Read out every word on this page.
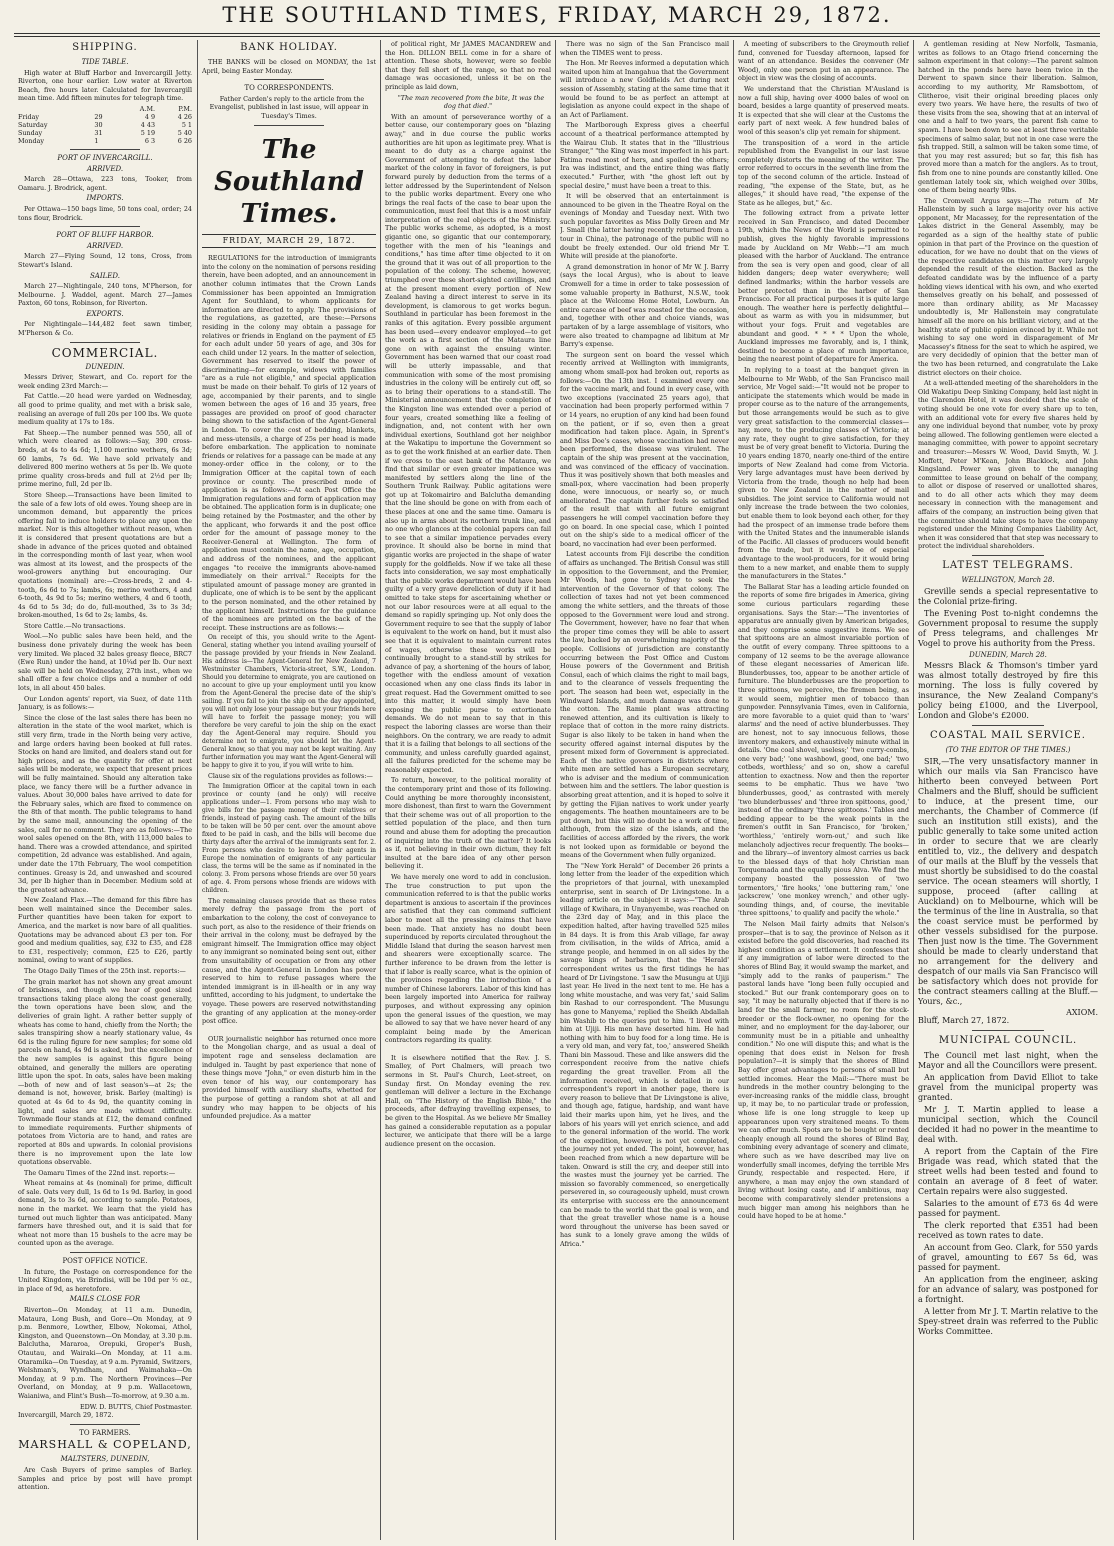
THE SOUTHLAND TIMES, FRIDAY, MARCH 29, 1872.
SHIPPING.
TIDE TABLE.

High water at Bluff Harbor and Invercargill Jetty. Riverton, one hour earlier. Low water at Riverton Beach, five hours later. Calculated for Invercargill mean time. Add fifteen minutes for telegraph time.

		A.M.	P.M.
Friday	29	4 9	4 26
Saturday	30	4 43	5 1
Sunday	31	5 19	5 40
Monday	1	6 3	6 26
PORT OF INVERCARGILL.
ARRIVED.

March 28—Ottawa, 223 tons, Tooker, from Oamaru. J. Brodrick, agent.

IMPORTS.

Per Ottawa—150 bags lime, 50 tons coal, order; 24 tons flour, Brodrick.

PORT OF BLUFF HARBOR.
ARRIVED.

March 27—Flying Sound, 12 tons, Cross, from Stewart's Island.

SAILED.

March 27—Nightingale, 240 tons, M'Pherson, for Melbourne. J. Waddel, agent. March 27—James Paxton, 60 tons, Robinson, for Riverton.

EXPORTS.

Per Nightingale—144,482 feet sawn timber, M'Pherson & Co.

COMMERCIAL.
DUNEDIN.

Messrs Driver, Stewart, and Co. report for the week ending 23rd March:—

Fat Cattle.—20 head were yarded on Wednesday, all good to prime quality, and met with a brisk sale, realising an average of full 20s per 100 lbs. We quote medium quality at 17s to 18s.

Fat Sheep.—The number penned was 550, all of which were cleared as follows:—Say, 390 cross-breds, at 4s to 4s 6d; 1,100 merino wethers, 6s 3d; 60 lambs, 7s 6d. We have sold privately and delivered 800 merino wethers at 5s per lb. We quote prime quality cross-breds and full at 2½d per lb; prime merino, full, 2d per lb.

Store Sheep.—Transactions have been limited to the sale of a few lots of old ewes. Young sheep are in uncommon demand, but apparently the prices offering fail to induce holders to place any upon the market. Nor is this altogether without reason, when it is considered that present quotations are but a shade in advance of the prices quoted and obtained in the corresponding month of last year, when wool was almost at its lowest, and the prospects of the wool-growers anything but encouraging. Our quotations (nominal) are:—Cross-breds, 2 and 4-tooth, 6s 6d to 7s; lambs, 6s; merino wethers, 4 and 6-tooth, 4s 9d to 5s; merino wethers, 4 and 6 tooth, 4s 6d to 5s 3d; do do, full-mouthed, 3s to 3s 3d; broken-mouthed, 1s 6d to 2s; lambs, 4s.

Store Cattle.—No transactions.

Wool.—No public sales have been held, and the business done privately during the week has been very limited. We placed 32 bales greasy fleece, BRC7 (Ewe Run) under the hand, at 10¼d per lb. Our next sale will be held on Wednesday, 27th inst., when we shall offer a few choice clips and a number of odd lots, in all about 450 bales.

Our London agents' report, via Suez, of date 11th January, is as follows:—

Since the close of the last sales there has been no alteration in the state of the wool market, which is still very firm, trade in the North being very active, and large orders having been booked at full rates. Stocks on hand are limited, and dealers stand out for high prices, and as the quantity for offer at next sales will be moderate, we expect that present prices will be fully maintained. Should any alteration take place, we fancy there will be a further advance in values. About 30,000 bales have arrived to date for the February sales, which are fixed to commence on the 8th of that month. The public telegrams to hand by the same mail, announcing the opening of the sales, call for no comment. They are as follows:—The wool sales opened on the 8th, with 113,000 bales to hand. There was a crowded attendance, and spirited competition, 2d advance was established. And again, under date the 17th February, The wool competition continues. Greasy is 2d, and unwashed and scoured 3d, per lb higher than in December. Medium sold at the greatest advance.

New Zealand Flax.—The demand for this fibre has been well maintained since the December sales. Further quantities have been taken for export to America, and the market is now bare of all qualities. Quotations may be advanced about £3 per ton. For good and medium qualities, say, £32 to £35, and £28 to £31, respectively; common, £25 to £26, partly nominal, owing to want of supplies.

The Otago Daily Times of the 25th inst. reports:—

The grain market has not shown any great amount of briskness, and though we hear of good sized transactions taking place along the coast generally, the town operations have been slow, and the deliveries of grain light. A rather better supply of wheats has come to hand, chiefly from the North; the sales transpiring show a nearly stationary value, 4s 6d is the ruling figure for new samples; for some old parcels on hand, 4s 9d is asked, but the excellence of the new samples is against this figure being obtained, and generally the millers are operating little upon the spot. In oats, sales have been making—both of new and of last season's—at 2s; the demand is not, however, brisk. Barley (malting) is quoted at 4s 6d to 4s 9d, the quantity coming in light, and sales are made without difficulty. Townmade flour stands at £12, the demand confined to immediate requirements. Further shipments of potatoes from Victoria are to hand, and rates are reported at 80s and upwards. In colonial provisions there is no improvement upon the late low quotations observable.

The Oamaru Times of the 22nd inst. reports:—

Wheat remains at 4s (nominal) for prime, difficult of sale. Oats very dull, 1s 6d to 1s 9d. Barley, in good demand, 3s to 3s 6d, according to sample. Potatoes, none in the market. We learn that the yield has turned out much lighter than was anticipated. Many farmers have threshed out, and it is said that for wheat not more than 15 bushels to the acre may be counted upon as the average.

POST OFFICE NOTICE.

In future, the Postage on correspondence for the United Kingdom, via Brindisi, will be 10d per ½ oz., in place of 9d, as heretofore.

MAILS CLOSE FOR

Riverton—On Monday, at 11 a.m. Dunedin, Mataura, Long Bush, and Gore—On Monday, at 9 p.m. Benmore, Lowther, Elbow, Nokomai, Athol, Kingston, and Queenstown—On Monday, at 3.30 p.m. Balclutha, Mararoa, Orepuki, Groper's Bush, Otautau, and Wairaki—On Monday, at 11 a.m. Otaramika—On Tuesday, at 9 a.m. Pyramid, Switzers, Welshman's, Wyndham, and Waimahaka—On Monday, at 9 p.m. The Northern Provinces—Per Overland, on Monday, at 9 p.m. Wallacetown, Waianiwa, and Flint's Bush—To-morrow, at 9.30 a.m.

EDW. D. BUTTS, Chief Postmaster.
Invercargill, March 29, 1872.
TO FARMERS.
MARSHALL & COPELAND,
MALTSTERS, DUNEDIN,

Are Cash Buyers of prime samples of Barley. Samples and price by post will have prompt attention.

BANK HOLIDAY.

THE BANKS will be closed on MONDAY, the 1st April, being Easter Monday.

TO CORRESPONDENTS.

Father Carden's reply to the article from the Evangelist, published in last issue, will appear in Tuesday's Times.

The Southland Times.
FRIDAY, MARCH 29, 1872.

REGULATIONS for the introduction of immigrants into the colony on the nomination of persons residing therein, have been adopted, and an announcement in another column intimates that the Crown Lands Commissioner has been appointed an Immigration Agent for Southland, to whom applicants for information are directed to apply. The provisions of the regulations, as gazetted, are these:—Persons residing in the colony may obtain a passage for relatives or friends in England on the payment of £5 for each adult under 50 years of age, and 30s for each child under 12 years. In the matter of selection, Government has reserved to itself the power of discriminating—for example, widows with families "are as a rule not eligible," and special application must be made on their behalf. To girls of 12 years of age, accompanied by their parents, and to single women between the ages of 16 and 35 years, free passages are provided on proof of good character being shown to the satisfaction of the Agent-General in London. To cover the cost of bedding, blankets, and mess-utensils, a charge of 25s per head is made before embarkation. The application to nominate friends or relatives for a passage can be made at any money-order office in the colony, or to the Immigration Officer at the capital town of each province or county. The prescribed mode of application is as follows:—At each Post Office the Immigration regulations and form of application may be obtained. The application form is in duplicate; one being retained by the Postmaster, and the other by the applicant, who forwards it and the post office order for the amount of passage money to the Receiver-General at Wellington. The form of application must contain the name, age, occupation, and address of the nominees, and the applicant engages "to receive the immigrants above-named immediately on their arrival." Receipts for the stipulated amount of passage money are granted in duplicate, one of which is to be sent by the applicant to the person nominated, and the other retained by the applicant himself. Instructions for the guidance of the nominees are printed on the back of the receipt. These instructions are as follows:—

On receipt of this, you should write to the Agent-General, stating whether you intend availing yourself of the passage provided by your friends in New Zealand. His address is—The Agent-General for New Zealand, 7 Westminster Chambers, Victoria-street, S.W., London. Should you determine to emigrate, you are cautioned on no account to give up your employment until you know from the Agent-General the precise date of the ship's sailing. If you fail to join the ship on the day appointed, you will not only lose your passage but your friends here will have to forfeit the passage money; you will therefore be very careful to join the ship on the exact day the Agent-General may require. Should you determine not to emigrate, you should let the Agent-General know, so that you may not be kept waiting. Any further information you may want the Agent-General will be happy to give it to you, if you will write to him.

Clause six of the regulations provides as follows:—

The Immigration Officer at the capital town in each province or county (and he only) will receive applications under—1. From persons who may wish to give bills for the passage money of their relatives or friends, instead of paying cash. The amount of the bills to be taken will be 50 per cent. over the amount above fixed to be paid in cash, and the bills will become due thirty days after the arrival of the immigrants sent for. 2. From persons who desire to leave to their agents in Europe the nomination of emigrants of any particular class, the terms will be the same as if nominated in the colony. 3. From persons whose friends are over 50 years of age. 4. From persons whose friends are widows with children.

The remaining clauses provide that as these rates merely defray the passage from the port of embarkation to the colony, the cost of conveyance to such port, as also to the residence of their friends on their arrival in the colony, must be defrayed by the emigrant himself. The Immigration office may object to any immigrant so nominated being sent out, either from unsuitability of occupation or from any other cause, and the Agent-General in London has power reserved to him to refuse passages where the intended immigrant is in ill-health or in any way unfitted, according to his judgment, to undertake the voyage. These powers are reserved notwithstanding the granting of any application at the money-order post office.

OUR journalistic neighbor has returned once more to the Mongolian charge, and as usual a deal of impotent rage and senseless declamation are indulged in. Taught by past experience that none of these things move "John," or even disturb him in the even tenor of his way, our contemporary has provided himself with auxiliary shafts, whetted for the purpose of getting a random shot at all and sundry who may happen to be objects of his unfounded prejudice. As a matter

of political right, Mr JAMES MACANDREW and the Hon. DILLON BELL come in for a share of attention. These shots, however, were so feeble that they fell short of the range, so that no real damage was occasioned, unless it be on the principle as laid down,

"The man recovered from the bite, It was the dog that died."

With an amount of perseverance worthy of a better cause, our contemporary goes on "blazing away," and in due course the public works authorities are hit upon as legitimate prey. What is meant to do duty as a charge against the Government of attempting to defeat the labor market of the colony in favor of foreigners, is put forward purely by deduction from the terms of a letter addressed by the Superintendent of Nelson to the public works department. Every one who brings the real facts of the case to bear upon the communication, must feel that this is a most unfair interpretation of the real objects of the Ministry. The public works scheme, as adopted, is a most gigantic one, so gigantic that our contemporary, together with the men of his "leanings and conditions," has time after time objected to it on the ground that it was out of all proportion to the population of the colony. The scheme, however, triumphed over these short-sighted cavillings, and at the present moment every portion of New Zealand having a direct interest to serve in its development, is clamorous to get works begun. Southland in particular has been foremost in the ranks of this agitation. Every possible argument has been used—every endeavor employed—to get the work as a first section of the Mataura line gone on with against the ensuing winter. Government has been warned that our coast road will be utterly impassable, and that communication with some of the most promising industries in the colony will be entirely cut off, so as to bring their operations to a stand-still. The Ministerial announcement that the completion of the Kingston line was extended over a period of four years, created something like a feeling of indignation, and, not content with her own individual exertions, Southland got her neighbor at the Wakatipu to importune the Government so as to get the work finished at an earlier date. Then if we cross to the east bank of the Mataura, we find that similar or even greater impatience was manifested by settlers along the line of the Southern Trunk Railway. Public agitations were got up at Tokomairiro and Balclutha demanding that the line should be gone on with from each of these places at one and the same time. Oamaru is also up in arms about its northern trunk line, and no one who glances at the colonial papers can fail to see that a similar impatience pervades every province. It should also be borne in mind that gigantic works are projected in the shape of water supply for the goldfields. Now if we take all these facts into consideration, we say most emphatically that the public works department would have been guilty of a very grave dereliction of duty if it had omitted to take steps for ascertaining whether or not our labor resources were at all equal to the demand so rapidly springing up. Not only does the Government require to see that the supply of labor is equivalent to the work on hand, but it must also see that it is equivalent to maintain current rates of wages, otherwise these works will be continually brought to a stand-still by strikes for advance of pay, a shortening of the hours of labor, together with the endless amount of vexation occasioned when any one class finds its labor in great request. Had the Government omitted to see into this matter, it would simply have been exposing the public purse to extortionate demands. We do not mean to say that in this respect the laboring classes are worse than their neighbors. On the contrary, we are ready to admit that it is a failing that belongs to all sections of the community, and unless carefully guarded against, all the failures predicted for the scheme may be reasonably expected.

To return, however, to the political morality of the contemporary print and those of its following. Could anything be more thoroughly inconsistent, more dishonest, than first to warn the Government that their scheme was out of all proportion to the settled population of the place, and then turn round and abuse them for adopting the precaution of inquiring into the truth of the matter? It looks as if, not believing in their own dictum, they felt insulted at the bare idea of any other person believing it.

We have merely one word to add in conclusion. The true construction to put upon the communication referred to is that the public works department is anxious to ascertain if the provinces are satisfied that they can command sufficient labor to meet all the pressing claims that have been made. That anxiety has no doubt been superinduced by reports circulated throughout the Middle Island that during the season harvest men and shearers were exceptionally scarce. The further inference to be drawn from the letter is that if labor is really scarce, what is the opinion of the provinces regarding the introduction of a number of Chinese laborers. Labor of this kind has been largely imported into America for railway purposes, and without expressing any opinion upon the general issues of the question, we may be allowed to say that we have never heard of any complaint being made by the American contractors regarding its quality.

It is elsewhere notified that the Rev. J. S. Smalley, of Port Chalmers, will preach two sermons in St. Paul's Church, Leet-street, on Sunday first. On Monday evening the rev. gentleman will deliver a lecture in the Exchange Hall, on "The History of the English Bible," the proceeds, after defraying travelling expenses, to be given to the Hospital. As we believe Mr Smalley has gained a considerable reputation as a popular lecturer, we anticipate that there will be a large audience present on the occasion.

There was no sign of the San Francisco mail when the TIMES went to press.

The Hon. Mr Reeves informed a deputation which waited upon him at Inangahua that the Government will introduce a new Goldfields Act during next session of Assembly, stating at the same time that it would be found to be as perfect an attempt at legislation as anyone could expect in the shape of an Act of Parliament.

The Marlborough Express gives a cheerful account of a theatrical performance attempted by the Wairau Club. It states that in the "Illustrious Stranger," "the King was most imperfect in his part. Fatima read most of hers, and spoiled the others; Ira was indistinct, and the entire thing was flatly executed." Further, with "the ghost left out by special desire," must have been a treat to this.

It will be observed that an entertainment is announced to be given in the Theatre Royal on the evenings of Monday and Tuesday next. With two such popular favorites as Miss Dolly Green and Mr J. Small (the latter having recently returned from a tour in China), the patronage of the public will no doubt be freely extended. Our old friend Mr T. White will preside at the pianoforte.

A grand demonstration in honor of Mr W. J. Barry (says the local Argus), who is about to leave Cromwell for a time in order to take possession of some valuable property in Bathurst, N.S.W., took place at the Welcome Home Hotel, Lowburn. An entire carcase of beef was roasted for the occasion, and, together with other and choice viands, was partaken of by a large assemblage of visitors, who were also treated to champagne ad libitum at Mr Barry's expense.

The surgeon sent on board the vessel which recently arrived at Wellington with immigrants, among whom small-pox had broken out, reports as follows:—On the 13th inst. I examined every one for the vaccine mark, and found in every case, with two exceptions (vaccinated 25 years ago), that vaccination had been properly performed within 7 or 14 years, no eruption of any kind had been found on the patient, or if so, even then a great modification had taken place. Again, in Sprent's and Miss Doe's cases, whose vaccination had never been performed, the disease was virulent. The captain of the ship was present at the vaccination, and was convinced of the efficacy of vaccination. Thus it was positively shown that both measles and small-pox, where vaccination had been properly done, were innocuous, or nearly so, or much ameliorated. The captain further feels so satisfied of the result that with all future emigrant passengers he will compel vaccination before they go on board. In one special case, which I pointed out on the ship's side to a medical officer of the board, no vaccination had ever been performed.

Latest accounts from Fiji describe the condition of affairs as unchanged. The British Consul was still in opposition to the Government, and the Premier, Mr Woods, had gone to Sydney to seek the intervention of the Governor of that colony. The collection of taxes had not yet been commenced among the white settlers, and the threats of those opposed to the Government were loud and strong. The Government, however, have no fear that when the proper time comes they will be able to assert the law, backed by an overwhelming majority of the people. Collisions of jurisdiction are constantly occurring between the Post Office and Custom House powers of the Government and British Consul, each of which claims the right to mail bags, and to the clearance of vessels frequenting the port. The season had been wet, especially in the Windward Islands, and much damage was done to the cotton. The Ramie plant was attracting renewed attention, and its cultivation is likely to replace that of cotton in the more rainy districts. Sugar is also likely to be taken in hand when the security offered against internal disputes by the present mixed form of Government is appreciated. Each of the native governors in districts where white men are settled has a European secretary, who is adviser and the medium of communication between him and the settlers. The labor question is absorbing great attention, and it is hoped to solve it by getting the Fijian natives to work under yearly engagements. The heathen mountaineers are to be put down, but this will no doubt be a work of time, although, from the size of the islands, and the facilities of access afforded by the rivers, the work is not looked upon as formidable or beyond the means of the Government when fully organized.

The "New York Herald" of December 26 prints a long letter from the leader of the expedition which the proprietors of that journal, with unexampled enterprise, sent in search of Dr Livingstone. In a leading article on the subject it says:—"The Arab village of Kwihara, in Unyanyembe, was reached on the 23rd day of May, and in this place the expedition halted, after having travelled 525 miles in 84 days. It is from this Arab village, far away from civilisation, in the wilds of Africa, amid a strange people, and hemmed in on all sides by the savage kings of barbarism, that the 'Herald' correspondent writes us the first tidings he has heard of Dr Livingstone. 'I saw the Musungu at Ujiji last year. He lived in the next tent to me. He has a long white moustache, and was very fat,' said Salim bin Rashad to our correspondent. 'The Musungu has gone to Manyema,' replied the Sheikh Abdallah bin Washib to the queries put to him. 'I lived with him at Ujiji. His men have deserted him. He had nothing with him to buy food for a long time. He is a very old man, and very fat, too,' answered Sheikh Thani bin Massoud. These and like answers did the correspondent receive from the native chiefs regarding the great traveller. From all the information received, which is detailed in our correspondent's report in another page, there is every reason to believe that Dr Livingstone is alive, and though age, fatigue, hardship, and want have laid their marks upon him, yet he lives, and the labors of his years will yet enrich science, and add to the general information of the world. The work of the expedition, however, is not yet completed, the journey not yet ended. The point, however, has been reached from which a new departure will be taken. Onward is still the cry, and deeper still into the wastes must the journey yet be carried. The mission so favorably commenced, so energetically persevered in, so courageously upheld, must crown its enterprise with success ere the announcement can be made to the world that the goal is won, and that the great traveller whose name is a house word throughout the universe has been saved or has sunk to a lonely grave among the wilds of Africa."

A meeting of subscribers to the Greymouth relief fund, convened for Tuesday afternoon, lapsed for want of an attendance. Besides the convener (Mr Wood), only one person put in an appearance. The object in view was the closing of accounts.

We understand that the Christian M'Ausland is now a full ship, having over 4000 bales of wool on board, besides a large quantity of preserved meats. It is expected that she will clear at the Customs the early part of next week. A few hundred bales of wool of this season's clip yet remain for shipment.

The transposition of a word in the article republished from the Evangelist in our last issue completely distorts the meaning of the writer. The error referred to occurs in the seventh line from the top of the second column of the article. Instead of reading, "the expense of the State, but, as he alleges," it should have read, "the expense of the State as he alleges, but," &c.

The following extract from a private letter received in San Francisco, and dated December 19th, which the News of the World is permitted to publish, gives the highly favorable impressions made by Auckland on Mr Webb:—"I am much pleased with the harbor of Auckland. The entrance from the sea is very open and good, clear of all hidden dangers; deep water everywhere; well defined landmarks; within the harbor vessels are better protected than in the harbor of San Francisco. For all practical purposes it is quite large enough. The weather here is perfectly delightful—about as warm as with you in midsummer, but without your fogs. Fruit and vegetables are abundant and good. * * * * Upon the whole, Auckland impresses me favorably, and is, I think, destined to become a place of much importance, being the nearest point of departure for America.

In replying to a toast at the banquet given in Melbourne to Mr Webb, of the San Francisco mail service, Mr Vogel said:—"It would not be proper to anticipate the statements which would be made in proper course as to the nature of the arrangements, but those arrangements would be such as to give very great satisfaction to the commercial classes—nay, more, to the producing classes of Victoria; at any rate, they ought to give satisfaction, for they must be of very great benefit to Victoria. During the 10 years ending 1870, nearly one-third of the entire imports of New Zealand had come from Victoria. Very large advantages must have been derived by Victoria from the trade, though no help had been given to New Zealand in the matter of mail subsidies. The joint service to California would not only increase the trade between the two colonies, but enable them to look beyond each other, for they had the prospect of an immense trade before them with the United States and the innumerable islands of the Pacific. All classes of producers would benefit from the trade, but it would be of especial advantage to the wool-producers, for it would bring them to a new market, and enable them to supply the manufacturers in the States."

The Ballarat Star has a leading article founded on the reports of some fire brigades in America, giving some curious particulars regarding these organisations. Says the Star:—"The inventories of apparatus are annually given by American brigades, and they comprise some suggestive items. We see that spittoons are an almost invariable portion of the outfit of every company. Three spittoons to a company of 12 seems to be the average allowance of these elegant necessaries of American life. Blunderbusses, too, appear to be another article of furniture. The blunderbusses are the proportion to three spittoons, we perceive, the firemen being, as it would seem, mightier men of tobacco than gunpowder. Pennsylvania Times, even in California, are more favorable to a quiet quid than to 'wars' alarms' and the need of active blunderbusses. They are honest, not to say innocuous fellows, those inventory makers, and exhaustively minute withal in details. 'One coal shovel, useless;' 'two curry-combs, one very bad;' 'one washbowl, good, one bad;' 'two cotbeds, worthless;' and so on, show a careful attention to exactness. Now and then the reporter seems to be emphatic. Thus we have 'two blunderbusses, good,' as contrasted with merely 'two blunderbusses' and 'three iron spittoons, good,' instead of the ordinary 'three spittoons.' Tables and bedding appear to be the weak points in the firemen's outfit in San Francisco, for 'broken,' 'worthless,' 'entirely worn-out,' and such like melancholy adjectives recur frequently. The books—and the library—of inventory almost carries us back to the blessed days of that holy Christian man Torquemada and the equally pious Alva. We find the company boasted the possession of 'two tormentors,' 'fire hooks,' 'one buttering ram,' 'one jackscrew,' 'one monkey wrench,' and other ugly-sounding things, and, of course, the inevitable 'three spittoons,' to qualify and pacify the whole."

The Nelson Mail fairly admits that Nelson's prosper—that is to say, the province of Nelson as it existed before the gold discoveries, had reached its highest condition as a settlement. It confesses that if any immigration of labor were directed to the shores of Blind Bay, it would swamp the market, and "simply add to the ranks of pauperism." The pastoral lands have "long been fully occupied and stocked." But our frank contemporary goes on to say, "it may be naturally objected that if there is no land for the small farmer, no room for the stock-breeder or the flock-owner, no opening for the miner, and no employment for the day-laborer, our community must be in a pitiable and unhealthy condition." No one will dispute this; and what is the opening that does exist in Nelson for fresh population?—it is simply that the shores of Blind Bay offer great advantages to persons of small but settled incomes. Hear the Mail:—"There must be hundreds in the mother country belonging to the ever-increasing ranks of the middle class, brought up, it may be, to no particular trade or profession, whose life is one long struggle to keep up appearances upon very straitened means. To them we can offer much. Spots are to be bought or rented cheaply enough all round the shores of Blind Bay, combining every advantage of scenery and climate, where such as we have described may live on wonderfully small incomes, defying the terrible Mrs Grundy, respectable and respected. Here, if anywhere, a man may enjoy the own standard of living without losing caste, and if ambitious, may become with comparatively slender pretensions a much bigger man among his neighbors than he could have hoped to be at home."

A gentleman residing at New Norfolk, Tasmania, writes as follows to an Otago friend concerning the salmon experiment in that colony:—The parent salmon hatched in the ponds here have been twice in the Derwent to spawn since their liberation. Salmon, according to my authority, Mr Ramsbottom, of Clitheroe, visit their original breeding places only every two years. We have here, the results of two of these visits from the sea, showing that at an interval of one and a half to two years, the parent fish came to spawn. I have been down to see at least three veritable specimens of salmo salar, but not in one case were the fish trapped. Still, a salmon will be taken some time, of that you may rest assured; but so far, this fish has proved more than a match for the anglers. As to trout, fish from one to nine pounds are constantly killed. One gentleman lately took six, which weighed over 30lbs, one of them being nearly 9lbs.

The Cromwell Argus says:—The return of Mr Hallenstein by such a large majority over his active opponent, Mr Macassey, for the representation of the Lakes district in the General Assembly, may be regarded as a sign of the healthy state of public opinion in that part of the Province on the question of education, for we have no doubt that on the views of the respective candidates on this matter very largely depended the result of the election. Backed as the defeated candidate was by the influence of a party holding views identical with his own, and who exerted themselves greatly on his behalf, and possessed of more than ordinary ability, as Mr Macassey undoubtedly is, Mr Hallenstein may congratulate himself all the more on his brilliant victory, and at the healthy state of public opinion evinced by it. While not wishing to say one word in disparagement of Mr Macassey's fitness for the seat to which he aspired, we are very decidedly of opinion that the better man of the two has been returned, and congratulate the Lake district electors on their choice.

At a well-attended meeting of the shareholders in the Old Wakatipu Deep Sinking Company, held last night in the Clarendon Hotel, it was decided that the scale of voting should be one vote for every share up to ten, with an additional vote for every five shares held by any one individual beyond that number, vote by proxy being allowed. The following gentlemen were elected a managing committee, with power to appoint secretary and treasurer:—Messrs W. Wood, David Smyth, W. J. Moffett, Peter M'Kean, John Blacklock, and John Kingsland. Power was given to the managing committee to lease ground on behalf of the company, to allot or dispose of reserved or unallotted shares, and to do all other acts which they may deem necessary in connection with the management and affairs of the company, an instruction being given that the committee should take steps to have the company registered under the Mining Companies Liability Act, when it was considered that that step was necessary to protect the individual shareholders.

LATEST TELEGRAMS.
WELLINGTON, March 28.

Greville sends a special representative to the Colonial prize-firing.

The Evening Post to-night condemns the Government proposal to resume the supply of Press telegrams, and challenges Mr Vogel to prove his authority from the Press.

DUNEDIN, March 28.

Messrs Black & Thomson's timber yard was almost totally destroyed by fire this morning. The loss is fully covered by insurance, the New Zealand Company's policy being £1000, and the Liverpool, London and Globe's £2000.

COASTAL MAIL SERVICE.
(TO THE EDITOR OF THE TIMES.)

SIR,—The very unsatisfactory manner in which our mails via San Francisco have hitherto been conveyed between Port Chalmers and the Bluff, should be sufficient to induce, at the present time, our merchants, the Chamber of Commerce (if such an institution still exists), and the public generally to take some united action in order to secure that we are clearly entitled to, viz., the delivery and despatch of our mails at the Bluff by the vessels that must shortly be subsidised to do the coastal service. The ocean steamers will shortly, I suppose, proceed (after calling at Auckland) on to Melbourne, which will be the terminus of the line in Australia, so that the coast service must be performed by other vessels subsidised for the purpose. Then just now is the time. The Government should be made to clearly understand that no arrangement for the delivery and despatch of our mails via San Francisco will be satisfactory which does not provide for the contract steamers calling at the Bluff.—Yours, &c.,

AXIOM.
Bluff, March 27, 1872.
MUNICIPAL COUNCIL.

The Council met last night, when the Mayor and all the Councillors were present.

An application from David Elliot to take gravel from the municipal property was granted.

Mr J. T. Martin applied to lease a municipal section, which the Council decided it had no power in the meantime to deal with.

A report from the Captain of the Fire Brigade was read, which stated that the street wells had been tested and found to contain an average of 8 feet of water. Certain repairs were also suggested.

Salaries to the amount of £73 6s 4d were passed for payment.

The clerk reported that £351 had been received as town rates to date.

An account from Geo. Clark, for 550 yards of gravel, amounting to £67 5s 6d, was passed for payment.

An application from the engineer, asking for an advance of salary, was postponed for a fortnight.

A letter from Mr J. T. Martin relative to the Spey-street drain was referred to the Public Works Committee.
